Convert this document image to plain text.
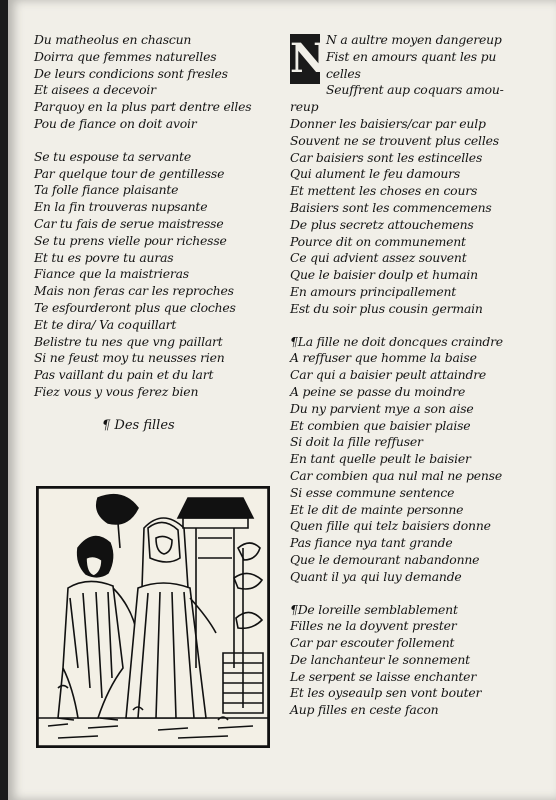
Du matheolus en chascun
Doirra que femmes naturelles
De leurs condicions sont fresles
Et aisees a decevoir
Parquoy en la plus part dentre elles
Pou de fiance on doit avoir
Se tu espouse ta servante
Par quelque tour de gentillesse
Ta folle fiance plaisante
En la fin trouveras nupsante
Car tu fais de serue maistresse
Se tu prens vielle pour richesse
Et tu es povre tu auras
Fiance que la maistrieras
Mais non feras car les reproches
Te esfourderont plus que cloches
Et te dira/ Va coquillart
Belistre tu nes que vng paillart
Si ne feust moy tu neusses rien
Pas vaillant du pain et du lart
Fiez vous y vous ferez bien
¶ Des filles
N N a aultre moyen dangereup
Fist en amours quant les pu
celles
Seuffrent aup coquars amou-
reup
Donner les baisiers/car par eulp
Souvent ne se trouvent plus celles
Car baisiers sont les estincelles
Qui alument le feu damours
Et mettent les choses en cours
Baisiers sont les commencemens
De plus secretz attouchemens
Pource dit on communement
Ce qui advient assez souvent
Que le baisier doulp et humain
En amours principallement
Est du soir plus cousin germain
¶La fille ne doit doncques craindre
A reffuser que homme la baise
Car qui a baisier peult attaindre
A peine se passe du moindre
Du ny parvient mye a son aise
Et combien que baisier plaise
Si doit la fille reffuser
En tant quelle peult le baisier
Car combien qua nul mal ne pense
Si esse commune sentence
Et le dit de mainte personne
Quen fille qui telz baisiers donne
Pas fiance nya tant grande
Que le demourant nabandonne
Quant il ya qui luy demande
¶De loreille semblablement
Filles ne la doyvent prester
Car par escouter follement
De lanchanteur le sonnement
Le serpent se laisse enchanter
Et les oyseaulp sen vont bouter
Aup filles en ceste facon
